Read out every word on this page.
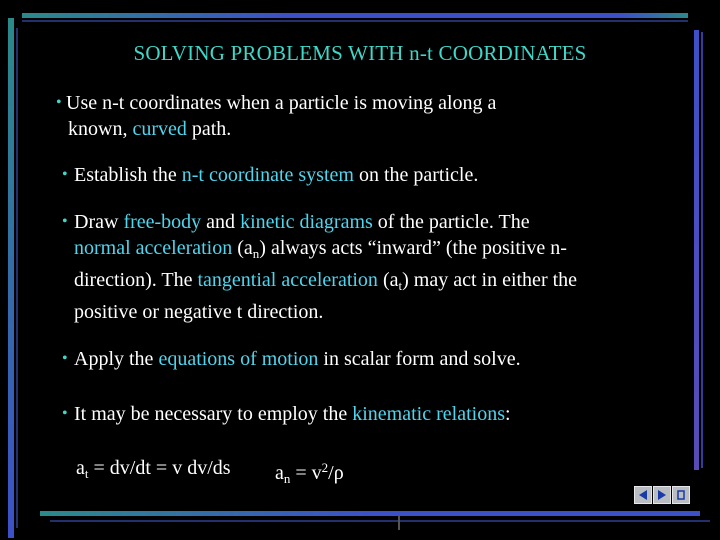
SOLVING PROBLEMS WITH n-t COORDINATES
• Use n-t coordinates when a particle is moving along a
known, curved path.
• Establish the n-t coordinate system on the particle.
• Draw free-body and kinetic diagrams of the particle. The
normal acceleration $(a_n)$ always acts “inward” (the positive n-
direction). The tangential acceleration $(a_t)$ may act in either the
positive or negative t direction.
• Apply the equations of motion in scalar form and solve.
• It may be necessary to employ the kinematic relations:
$a_t = dv/dt = v$ dv/ds $a_n = v^2/\rho$
